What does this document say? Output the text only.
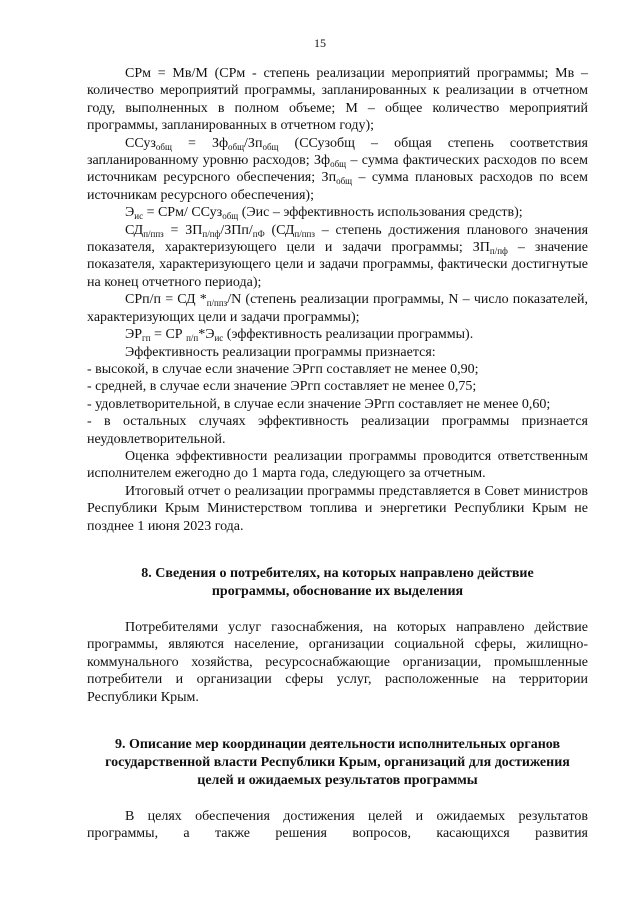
15

СРм = Мв/М (СРм - степень реализации мероприятий программы; Мв – количество мероприятий программы, запланированных к реализации в отчетном году, выполненных в полном объеме; М – общее количество мероприятий программы, запланированных в отчетном году);

ССуз$_{общ}$ = $Зф_{общ}/Зп_{общ}$ (ССузобщ – общая степень соответствия запланированному уровню расходов; $Зф_{общ}$ – сумма фактических расходов по всем источникам ресурсного обеспечения; $Зп_{общ}$ – сумма плановых расходов по всем источникам ресурсного обеспечения);

$Э_{ис} = СРм/$ ССуз$_{общ}$ (Эис – эффективность использования средств);

$СД_{п/ппз} = ЗП_{п/пф}/ЗПп/_{пФ}$ ($СД_{п/ппз}$ – степень достижения планового значения показателя, характеризующего цели и задачи программы; $ЗП_{п/пф}$ – значение показателя, характеризующего цели и задачи программы, фактически достигнутые на конец отчетного периода);

СРп/п = СД $*_{п/ппз}/N$ (степень реализации программы, N – число показателей, характеризующих цели и задачи программы);

$ЭР_{гп}$ = СР $_{п/п}*Э_{ис}$ (эффективность реализации программы).

Эффективность реализации программы признается:

- высокой, в случае если значение ЭРгп составляет не менее 0,90;

- средней, в случае если значение ЭРгп составляет не менее 0,75;

- удовлетворительной, в случае если значение ЭРгп составляет не менее 0,60;

- в остальных случаях эффективность реализации программы признается неудовлетворительной.

Оценка эффективности реализации программы проводится ответственным исполнителем ежегодно до 1 марта года, следующего за отчетным.

Итоговый отчет о реализации программы представляется в Совет министров Республики Крым Министерством топлива и энергетики Республики Крым не позднее 1 июня 2023 года.

8. Сведения о потребителях, на которых направлено действие

программы, обоснование их выделения

Потребителями услуг газоснабжения, на которых направлено действие программы, являются население, организации социальной сферы, жилищно-коммунального хозяйства, ресурсоснабжающие организации, промышленные потребители и организации сферы услуг, расположенные на территории Республики Крым.

9. Описание мер координации деятельности исполнительных органов

государственной власти Республики Крым, организаций для достижения

целей и ожидаемых результатов программы

В целях обеспечения достижения целей и ожидаемых результатов

программы, а также решения вопросов, касающихся развития
